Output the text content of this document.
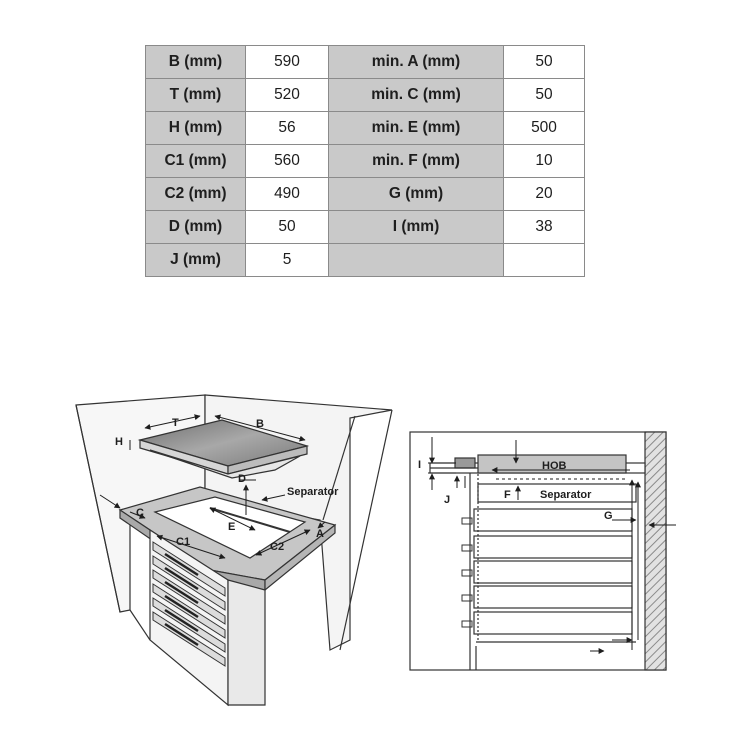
B (mm)	590	min. A (mm)	50
T (mm)	520	min. C (mm)	50
H (mm)	56	min. E (mm)	500
C1 (mm)	560	min. F (mm)	10
C2 (mm)	490	G (mm)	20
D (mm)	50	I (mm)	38
J (mm)	5		
T	B
H
D
Separator
C
E
C1	C2
A
I
J
HOB
F	Separator
G
